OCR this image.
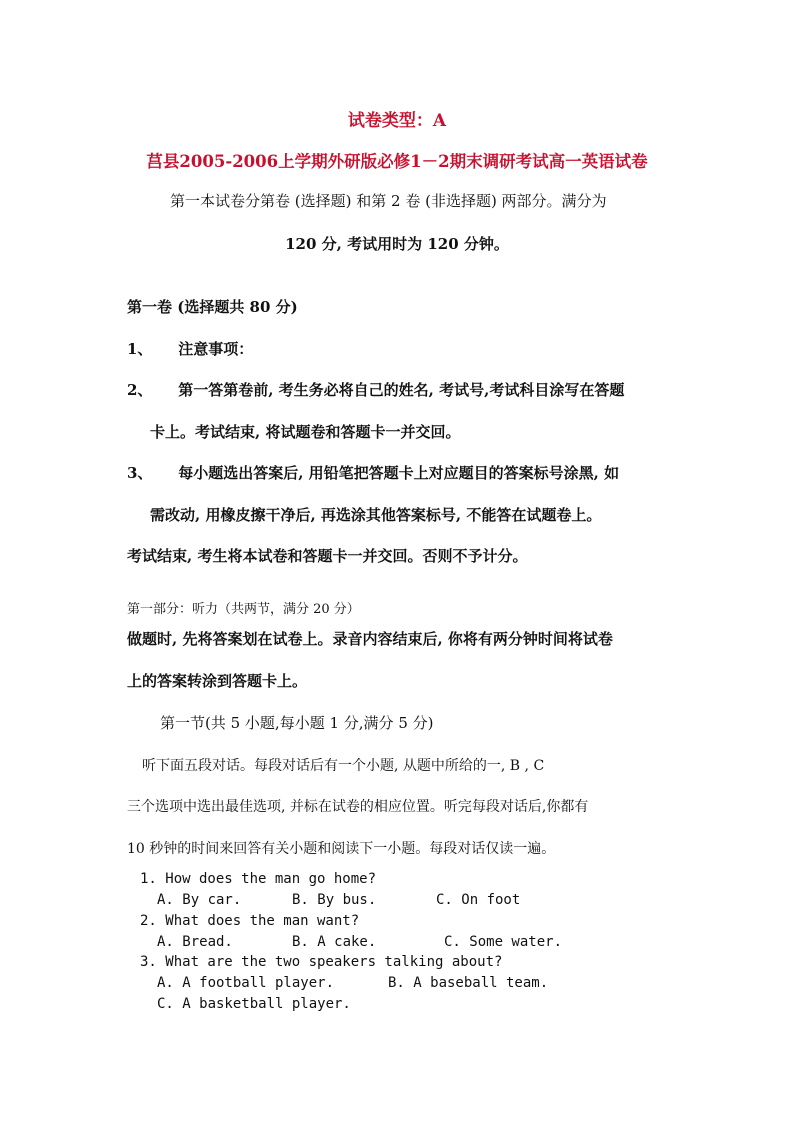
试卷类型：A
莒县2005-2006上学期外研版必修1－2期末调研考试高一英语试卷
第一本试卷分第卷 (选择题) 和第 2 卷 (非选择题) 两部分。满分为
120 分, 考试用时为 120 分钟。
第一卷 (选择题共 80 分)
1、 注意事项：
2、 第一答第卷前, 考生务必将自己的姓名, 考试号,考试科目涂写在答题
卡上。考试结束, 将试题卷和答题卡一并交回。
3、 每小题选出答案后, 用铅笔把答题卡上对应题目的答案标号涂黑, 如
需改动, 用橡皮擦干净后, 再选涂其他答案标号, 不能答在试题卷上。
考试结束, 考生将本试卷和答题卡一并交回。否则不予计分。
第一部分：听力（共两节，满分 20 分）
做题时, 先将答案划在试卷上。录音内容结束后, 你将有两分钟时间将试卷
上的答案转涂到答题卡上。
第一节(共 5 小题,每小题 1 分,满分 5 分)
听下面五段对话。每段对话后有一个小题, 从题中所给的一, B , C
三个选项中选出最佳选项, 并标在试卷的相应位置。听完每段对话后,你都有
10 秒钟的时间来回答有关小题和阅读下一小题。每段对话仅读一遍。
1. How does the man go home?
A. By car.	B. By bus.	C. On foot
2. What does the man want?
A. Bread.	B. A cake.	C. Some water.
3. What are the two speakers talking about?
A. A football player.	B. A baseball team.
C. A basketball player.
